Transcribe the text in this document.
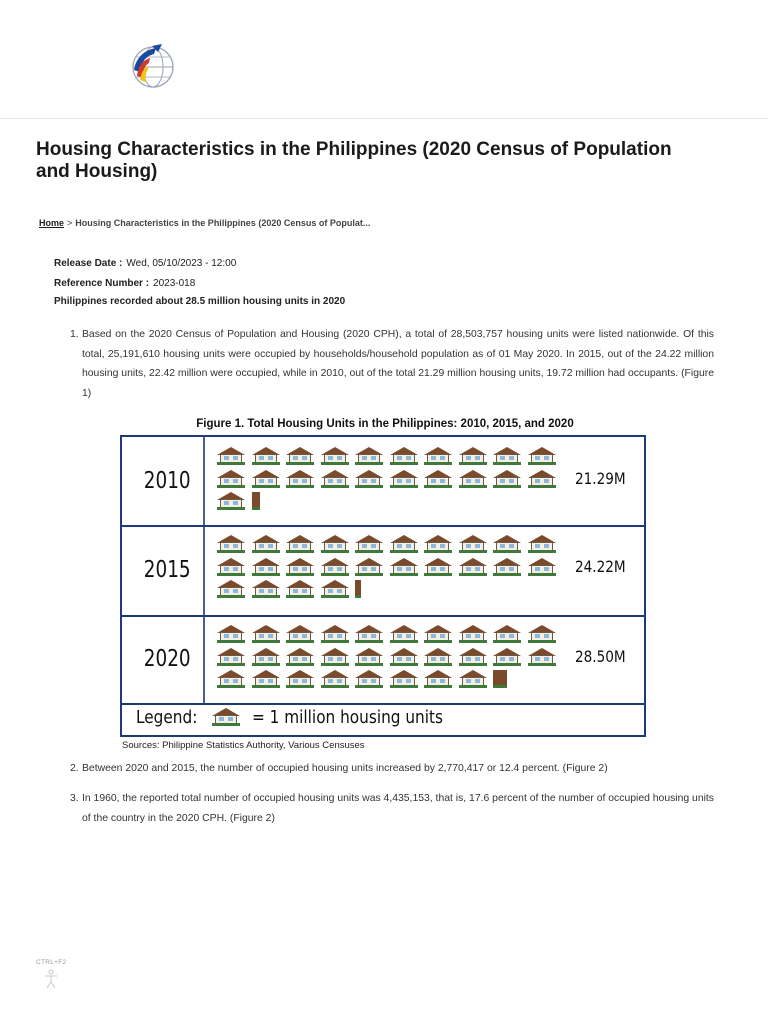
Housing Characteristics in the Philippines (2020 Census of Population and Housing)
Home > Housing Characteristics in the Philippines (2020 Census of Populat...
Release Date : Wed, 05/10/2023 - 12:00
Reference Number : 2023-018
Philippines recorded about 28.5 million housing units in 2020
1. Based on the 2020 Census of Population and Housing (2020 CPH), a total of 28,503,757 housing units were listed nationwide. Of this total, 25,191,610 housing units were occupied by households/household population as of 01 May 2020. In 2015, out of the 24.22 million housing units, 22.42 million were occupied, while in 2010, out of the total 21.29 million housing units, 19.72 million had occupants. (Figure 1)
Figure 1. Total Housing Units in the Philippines: 2010, 2015, and 2020
2010	21.29M
2015	24.22M
2020	28.50M
Legend:	= 1 million housing units
Sources: Philippine Statistics Authority, Various Censuses
2. Between 2020 and 2015, the number of occupied housing units increased by 2,770,417 or 12.4 percent. (Figure 2)
3. In 1960, the reported total number of occupied housing units was 4,435,153, that is, 17.6 percent of the number of occupied housing units of the country in the 2020 CPH. (Figure 2)
CTRL+F2
